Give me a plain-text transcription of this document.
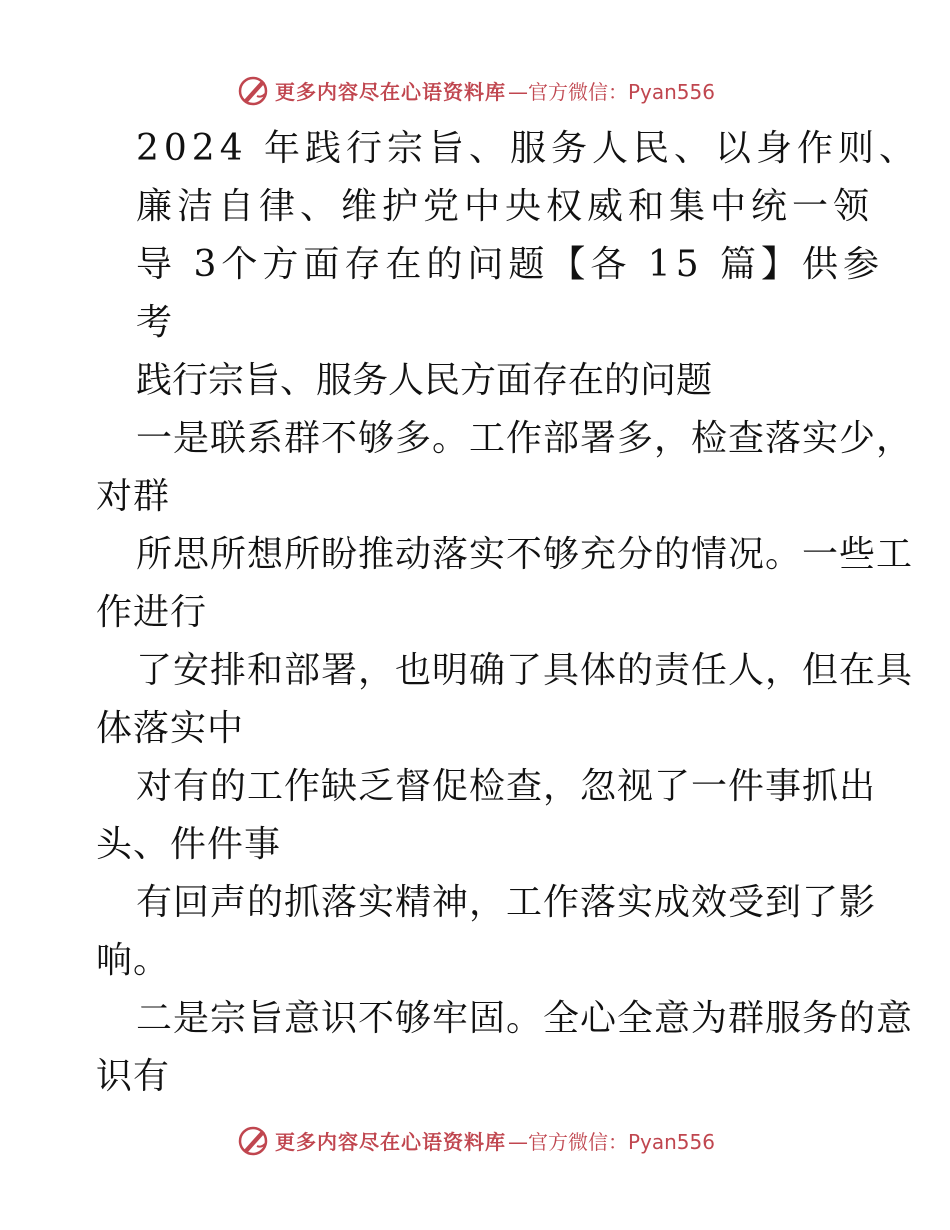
更多内容尽在心语资料库 —官方微信：Pyan556
2024 年践行宗旨、服务人民、以身作则、
廉洁自律、维护党中央权威和集中统一领
导 3个方面存在的问题【各 15 篇】供参
考
践行宗旨、服务人民方面存在的问题
一是联系群不够多。工作部署多，检查落实少，
对群
所思所想所盼推动落实不够充分的情况。一些工
作进行
了安排和部署，也明确了具体的责任人，但在具
体落实中
对有的工作缺乏督促检查，忽视了一件事抓出
头、件件事
有回声的抓落实精神，工作落实成效受到了影
响。
二是宗旨意识不够牢固。全心全意为群服务的意
识有
更多内容尽在心语资料库 —官方微信：Pyan556
